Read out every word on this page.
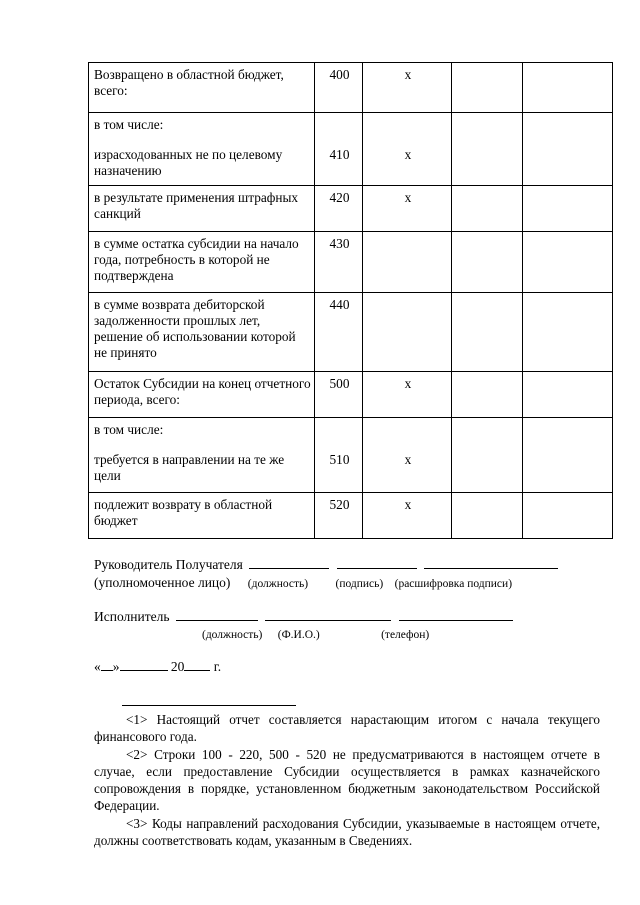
Возвращено в областной бюджет, всего:	400	x		

в том числе:
израсходованных не по целевому назначению	410	x		

в результате применения штрафных санкций	420	x		
в сумме остатка субсидии на начало года, потребность в которой не подтверждена	430			
в сумме возврата дебиторской задолженности прошлых лет, решение об использовании которой не принято	440			
Остаток Субсидии на конец отчетного периода, всего:	500	x		

в том числе:
требуется в направлении на те же цели	510	x		

подлежит возврату в областной бюджет	520	x		
Руководитель Получателя
(уполномоченное лицо) (должность) (подпись) (расшифровка подписи)
Исполнитель
(должность) (Ф.И.О.)	(телефон)
« »	20 г.

<1> Настоящий отчет составляется нарастающим итогом с начала текущего финансового года.

<2> Строки 100 - 220, 500 - 520 не предусматриваются в настоящем отчете в случае, если предоставление Субсидии осуществляется в рамках казначейского сопровождения в порядке, установленном бюджетным законодательством Российской Федерации.

<3> Коды направлений расходования Субсидии, указываемые в настоящем отчете, должны соответствовать кодам, указанным в Сведениях.
